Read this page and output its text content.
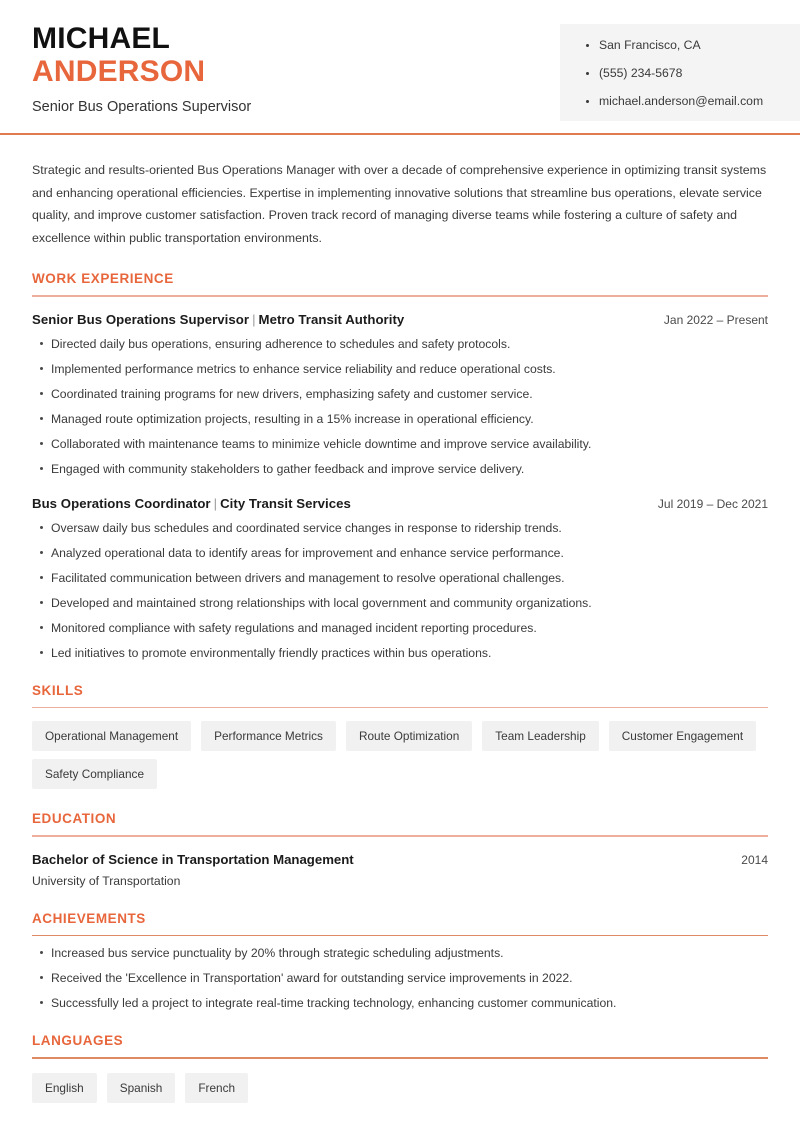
MICHAEL
ANDERSON
Senior Bus Operations Supervisor
San Francisco, CA
(555) 234-5678
michael.anderson@email.com
Strategic and results-oriented Bus Operations Manager with over a decade of comprehensive experience in optimizing transit systems and enhancing operational efficiencies. Expertise in implementing innovative solutions that streamline bus operations, elevate service quality, and improve customer satisfaction. Proven track record of managing diverse teams while fostering a culture of safety and excellence within public transportation environments.
WORK EXPERIENCE
Senior Bus Operations Supervisor | Metro Transit Authority	Jan 2022 – Present
Directed daily bus operations, ensuring adherence to schedules and safety protocols.
Implemented performance metrics to enhance service reliability and reduce operational costs.
Coordinated training programs for new drivers, emphasizing safety and customer service.
Managed route optimization projects, resulting in a 15% increase in operational efficiency.
Collaborated with maintenance teams to minimize vehicle downtime and improve service availability.
Engaged with community stakeholders to gather feedback and improve service delivery.
Bus Operations Coordinator | City Transit Services	Jul 2019 – Dec 2021
Oversaw daily bus schedules and coordinated service changes in response to ridership trends.
Analyzed operational data to identify areas for improvement and enhance service performance.
Facilitated communication between drivers and management to resolve operational challenges.
Developed and maintained strong relationships with local government and community organizations.
Monitored compliance with safety regulations and managed incident reporting procedures.
Led initiatives to promote environmentally friendly practices within bus operations.
SKILLS
Operational Management	Performance Metrics	Route Optimization	Team Leadership	Customer Engagement
Safety Compliance
EDUCATION
Bachelor of Science in Transportation Management	2014
University of Transportation
ACHIEVEMENTS
Increased bus service punctuality by 20% through strategic scheduling adjustments.
Received the 'Excellence in Transportation' award for outstanding service improvements in 2022.
Successfully led a project to integrate real-time tracking technology, enhancing customer communication.
LANGUAGES
English	Spanish	French
